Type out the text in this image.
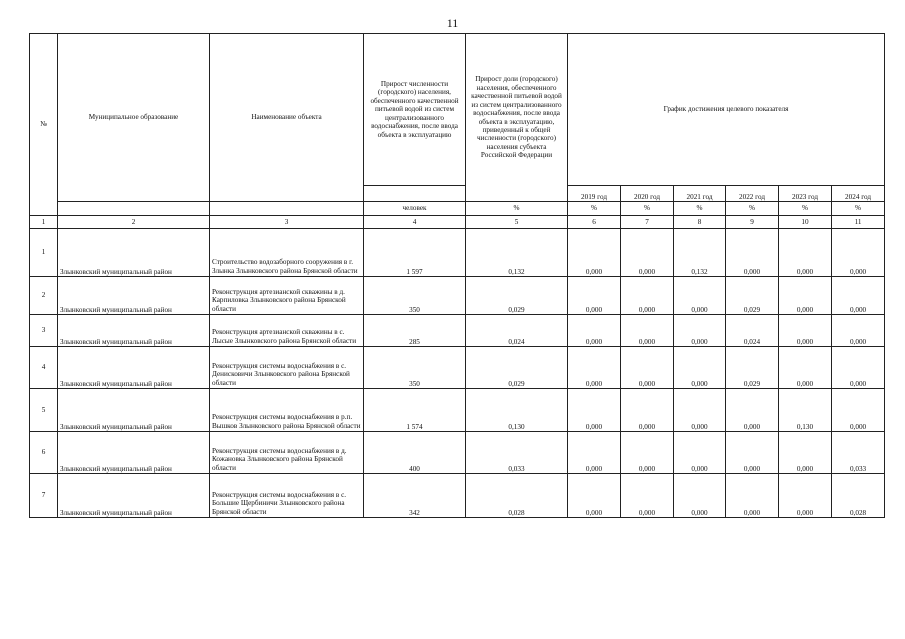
11
№	Муниципальное образование	Наименование объекта	Прирост численности (городского) населения, обеспеченного качественной питьевой водой из систем централизованного водоснабжения, после ввода объекта в эксплуатацию	Прирост доли (городского) населения, обеспеченного качественной питьевой водой из систем централизованного водоснабжения, после ввода объекта в эксплуатацию, приведенный к общей численности (городского) населения субъекта Российской Федерации	График достижения целевого показателя					
					2019 год	2020 год	2021 год	2022 год	2023 год	2024 год
			человек	%	%	%	%	%	%	%
1	2	3	4	5	6	7	8	9	10	11
1	Злынковский муниципальный район	Строительство водозаборного сооружения в г. Злынка Злынковского района Брянской области	1 597	0,132	0,000	0,000	0,132	0,000	0,000	0,000
2	Злынковский муниципальный район	Реконструкция артезианской скважины в д. Карпиловка Злынковского района Брянской области	350	0,029	0,000	0,000	0,000	0,029	0,000	0,000
3	Злынковский муниципальный район	Реконструкция артезианской скважины в с. Лысые Злынковского района Брянской области	285	0,024	0,000	0,000	0,000	0,024	0,000	0,000
4	Злынковский муниципальный район	Реконструкция системы водоснабжения в с. Денисковичи Злынковского района Брянской области	350	0,029	0,000	0,000	0,000	0,029	0,000	0,000
5	Злынковский муниципальный район	Реконструкция системы водоснабжения в р.п. Вышков Злынковского района Брянской области	1 574	0,130	0,000	0,000	0,000	0,000	0,130	0,000
6	Злынковский муниципальный район	Реконструкция системы водоснабжения в д. Кожановка Злынковского района Брянской области	400	0,033	0,000	0,000	0,000	0,000	0,000	0,033
7	Злынковский муниципальный район	Реконструкция системы водоснабжения в с. Большие Щербиничи Злынковского района Брянской области	342	0,028	0,000	0,000	0,000	0,000	0,000	0,028
